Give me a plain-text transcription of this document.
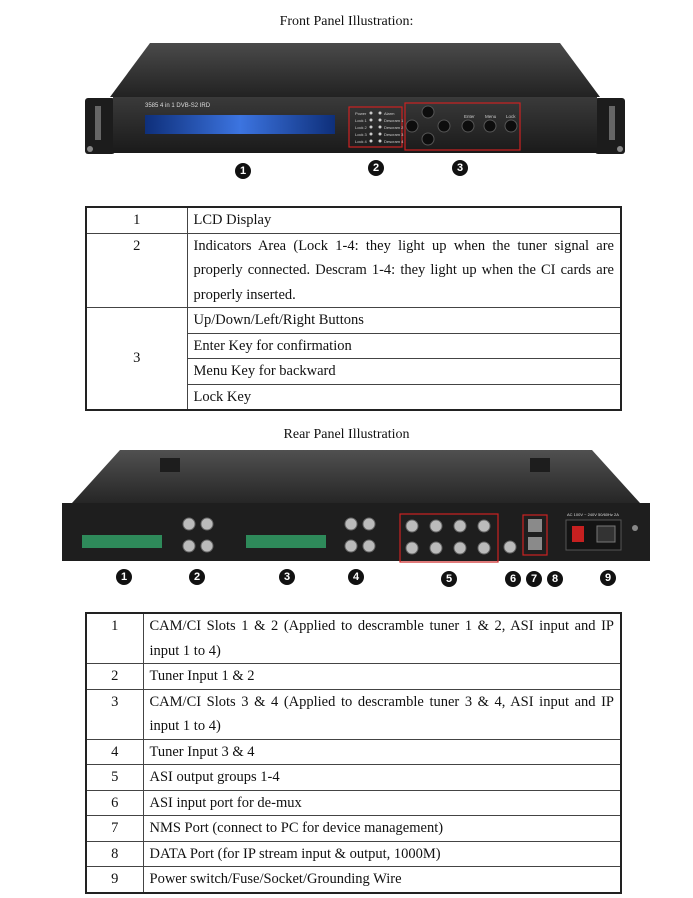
Front Panel Illustration:
3585 4 in 1 DVB-S2 IRD
Power
Lock 1
Lock 2
Lock 3
Lock 4
Alarm
Descram 1
Descram 2
Descram 3
Descram 4
Enter Menu Lock
1	2	3
1	LCD Display
2	Indicators Area (Lock 1-4: they light up when the tuner signal are properly connected. Descram 1-4: they light up when the CI cards are properly inserted.
3	Up/Down/Left/Right Buttons
	Enter Key for confirmation
	Menu Key for backward
	Lock Key
Rear Panel Illustration
AC 100V ~ 240V 50/60Hz 2A
1	2	3	4	5	6	7	8	9
1	CAM/CI Slots 1 & 2 (Applied to descramble tuner 1 & 2, ASI input and IP input 1 to 4)
2	Tuner Input 1 & 2
3	CAM/CI Slots 3 & 4 (Applied to descramble tuner 3 & 4, ASI input and IP input 1 to 4)
4	Tuner Input 3 & 4
5	ASI output groups 1-4
6	ASI input port for de-mux
7	NMS Port (connect to PC for device management)
8	DATA Port (for IP stream input & output, 1000M)
9	Power switch/Fuse/Socket/Grounding Wire
